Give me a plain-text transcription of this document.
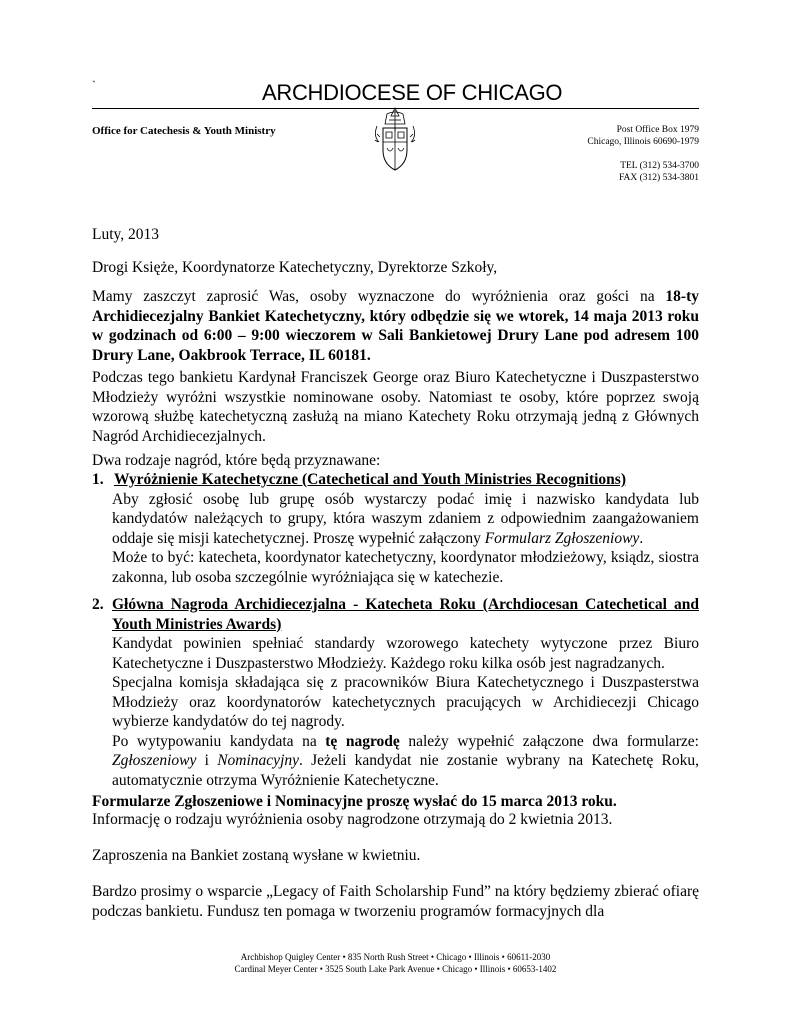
`	ARCHDIOCESE OF CHICAGO
Office for Catechesis & Youth Ministry	Post Office Box 1979
Chicago, Illinois 60690-1979
TEL (312) 534-3700
FAX (312) 534-3801
Luty, 2013
Drogi Księże, Koordynatorze Katechetyczny, Dyrektorze Szkoły,
Mamy zaszczyt zaprosić Was, osoby wyznaczone do wyróżnienia oraz gości na 18-ty Archidiecezjalny Bankiet Katechetyczny, który odbędzie się we wtorek, 14 maja 2013 roku w godzinach od 6:00 – 9:00 wieczorem w Sali Bankietowej Drury Lane pod adresem 100 Drury Lane, Oakbrook Terrace, IL 60181.
Podczas tego bankietu Kardynał Franciszek George oraz Biuro Katechetyczne i Duszpasterstwo Młodzieży wyróżni wszystkie nominowane osoby. Natomiast te osoby, które poprzez swoją wzorową służbę katechetyczną zasłużą na miano Katechety Roku otrzymają jedną z Głównych Nagród Archidiecezjalnych.
Dwa rodzaje nagród, które będą przyznawane:
1. Wyróżnienie Katechetyczne (Catechetical and Youth Ministries Recognitions)
Aby zgłosić osobę lub grupę osób wystarczy podać imię i nazwisko kandydata lub kandydatów należących to grupy, która waszym zdaniem z odpowiednim zaangażowaniem oddaje się misji katechetycznej. Proszę wypełnić załączony Formularz Zgłoszeniowy.
Może to być: katecheta, koordynator katechetyczny, koordynator młodzieżowy, ksiądz, siostra zakonna, lub osoba szczególnie wyróżniająca się w katechezie.
2. Główna Nagroda Archidiecezjalna - Katecheta Roku (Archdiocesan Catechetical and Youth Ministries Awards)
Kandydat powinien spełniać standardy wzorowego katechety wytyczone przez Biuro Katechetyczne i Duszpasterstwo Młodzieży. Każdego roku kilka osób jest nagradzanych.
Specjalna komisja składająca się z pracowników Biura Katechetycznego i Duszpasterstwa Młodzieży oraz koordynatorów katechetycznych pracujących w Archidiecezji Chicago wybierze kandydatów do tej nagrody.
Po wytypowaniu kandydata na tę nagrodę należy wypełnić załączone dwa formularze: Zgłoszeniowy i Nominacyjny. Jeżeli kandydat nie zostanie wybrany na Katechetę Roku, automatycznie otrzyma Wyróżnienie Katechetyczne.
Formularze Zgłoszeniowe i Nominacyjne proszę wysłać do 15 marca 2013 roku.
Informację o rodzaju wyróżnienia osoby nagrodzone otrzymają do 2 kwietnia 2013.
Zaproszenia na Bankiet zostaną wysłane w kwietniu.
Bardzo prosimy o wsparcie „Legacy of Faith Scholarship Fund” na który będziemy zbierać ofiarę podczas bankietu. Fundusz ten pomaga w tworzeniu programów formacyjnych dla
Archbishop Quigley Center • 835 North Rush Street • Chicago • Illinois • 60611-2030
Cardinal Meyer Center • 3525 South Lake Park Avenue • Chicago • Illinois • 60653-1402
